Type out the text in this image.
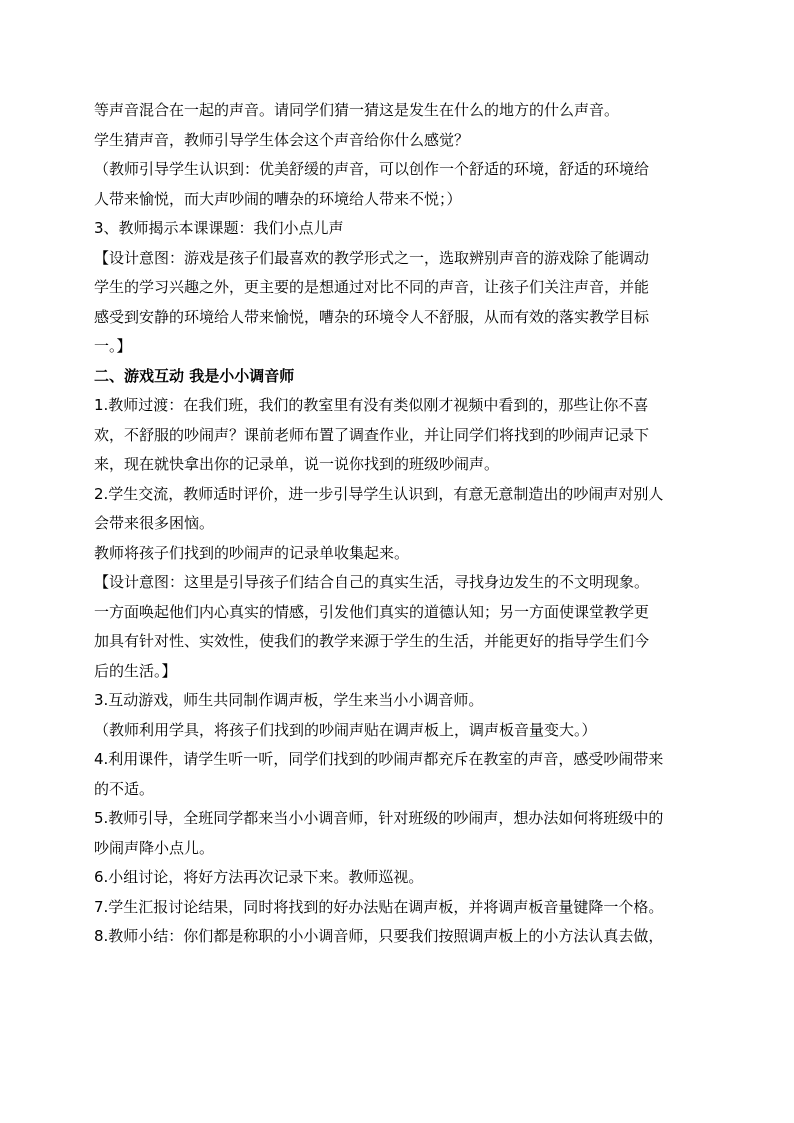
等声音混合在一起的声音。请同学们猜一猜这是发生在什么的地方的什么声音。
学生猜声音，教师引导学生体会这个声音给你什么感觉？
（教师引导学生认识到：优美舒缓的声音，可以创作一个舒适的环境，舒适的环境给
人带来愉悦，而大声吵闹的嘈杂的环境给人带来不悦；）
3、教师揭示本课课题：我们小点儿声
【设计意图：游戏是孩子们最喜欢的教学形式之一，选取辨别声音的游戏除了能调动
学生的学习兴趣之外，更主要的是想通过对比不同的声音，让孩子们关注声音，并能
感受到安静的环境给人带来愉悦，嘈杂的环境令人不舒服，从而有效的落实教学目标
一。】
二、游戏互动 我是小小调音师
1.教师过渡：在我们班，我们的教室里有没有类似刚才视频中看到的，那些让你不喜
欢，不舒服的吵闹声？课前老师布置了调查作业，并让同学们将找到的吵闹声记录下
来，现在就快拿出你的记录单，说一说你找到的班级吵闹声。
2.学生交流，教师适时评价，进一步引导学生认识到，有意无意制造出的吵闹声对别人
会带来很多困恼。
教师将孩子们找到的吵闹声的记录单收集起来。
【设计意图：这里是引导孩子们结合自己的真实生活，寻找身边发生的不文明现象。
一方面唤起他们内心真实的情感，引发他们真实的道德认知；另一方面使课堂教学更
加具有针对性、实效性，使我们的教学来源于学生的生活，并能更好的指导学生们今
后的生活。】
3.互动游戏，师生共同制作调声板，学生来当小小调音师。
（教师利用学具，将孩子们找到的吵闹声贴在调声板上，调声板音量变大。）
4.利用课件，请学生听一听，同学们找到的吵闹声都充斥在教室的声音，感受吵闹带来
的不适。
5.教师引导，全班同学都来当小小调音师，针对班级的吵闹声，想办法如何将班级中的
吵闹声降小点儿。
6.小组讨论，将好方法再次记录下来。教师巡视。
7.学生汇报讨论结果，同时将找到的好办法贴在调声板，并将调声板音量键降一个格。
8.教师小结：你们都是称职的小小调音师，只要我们按照调声板上的小方法认真去做，
